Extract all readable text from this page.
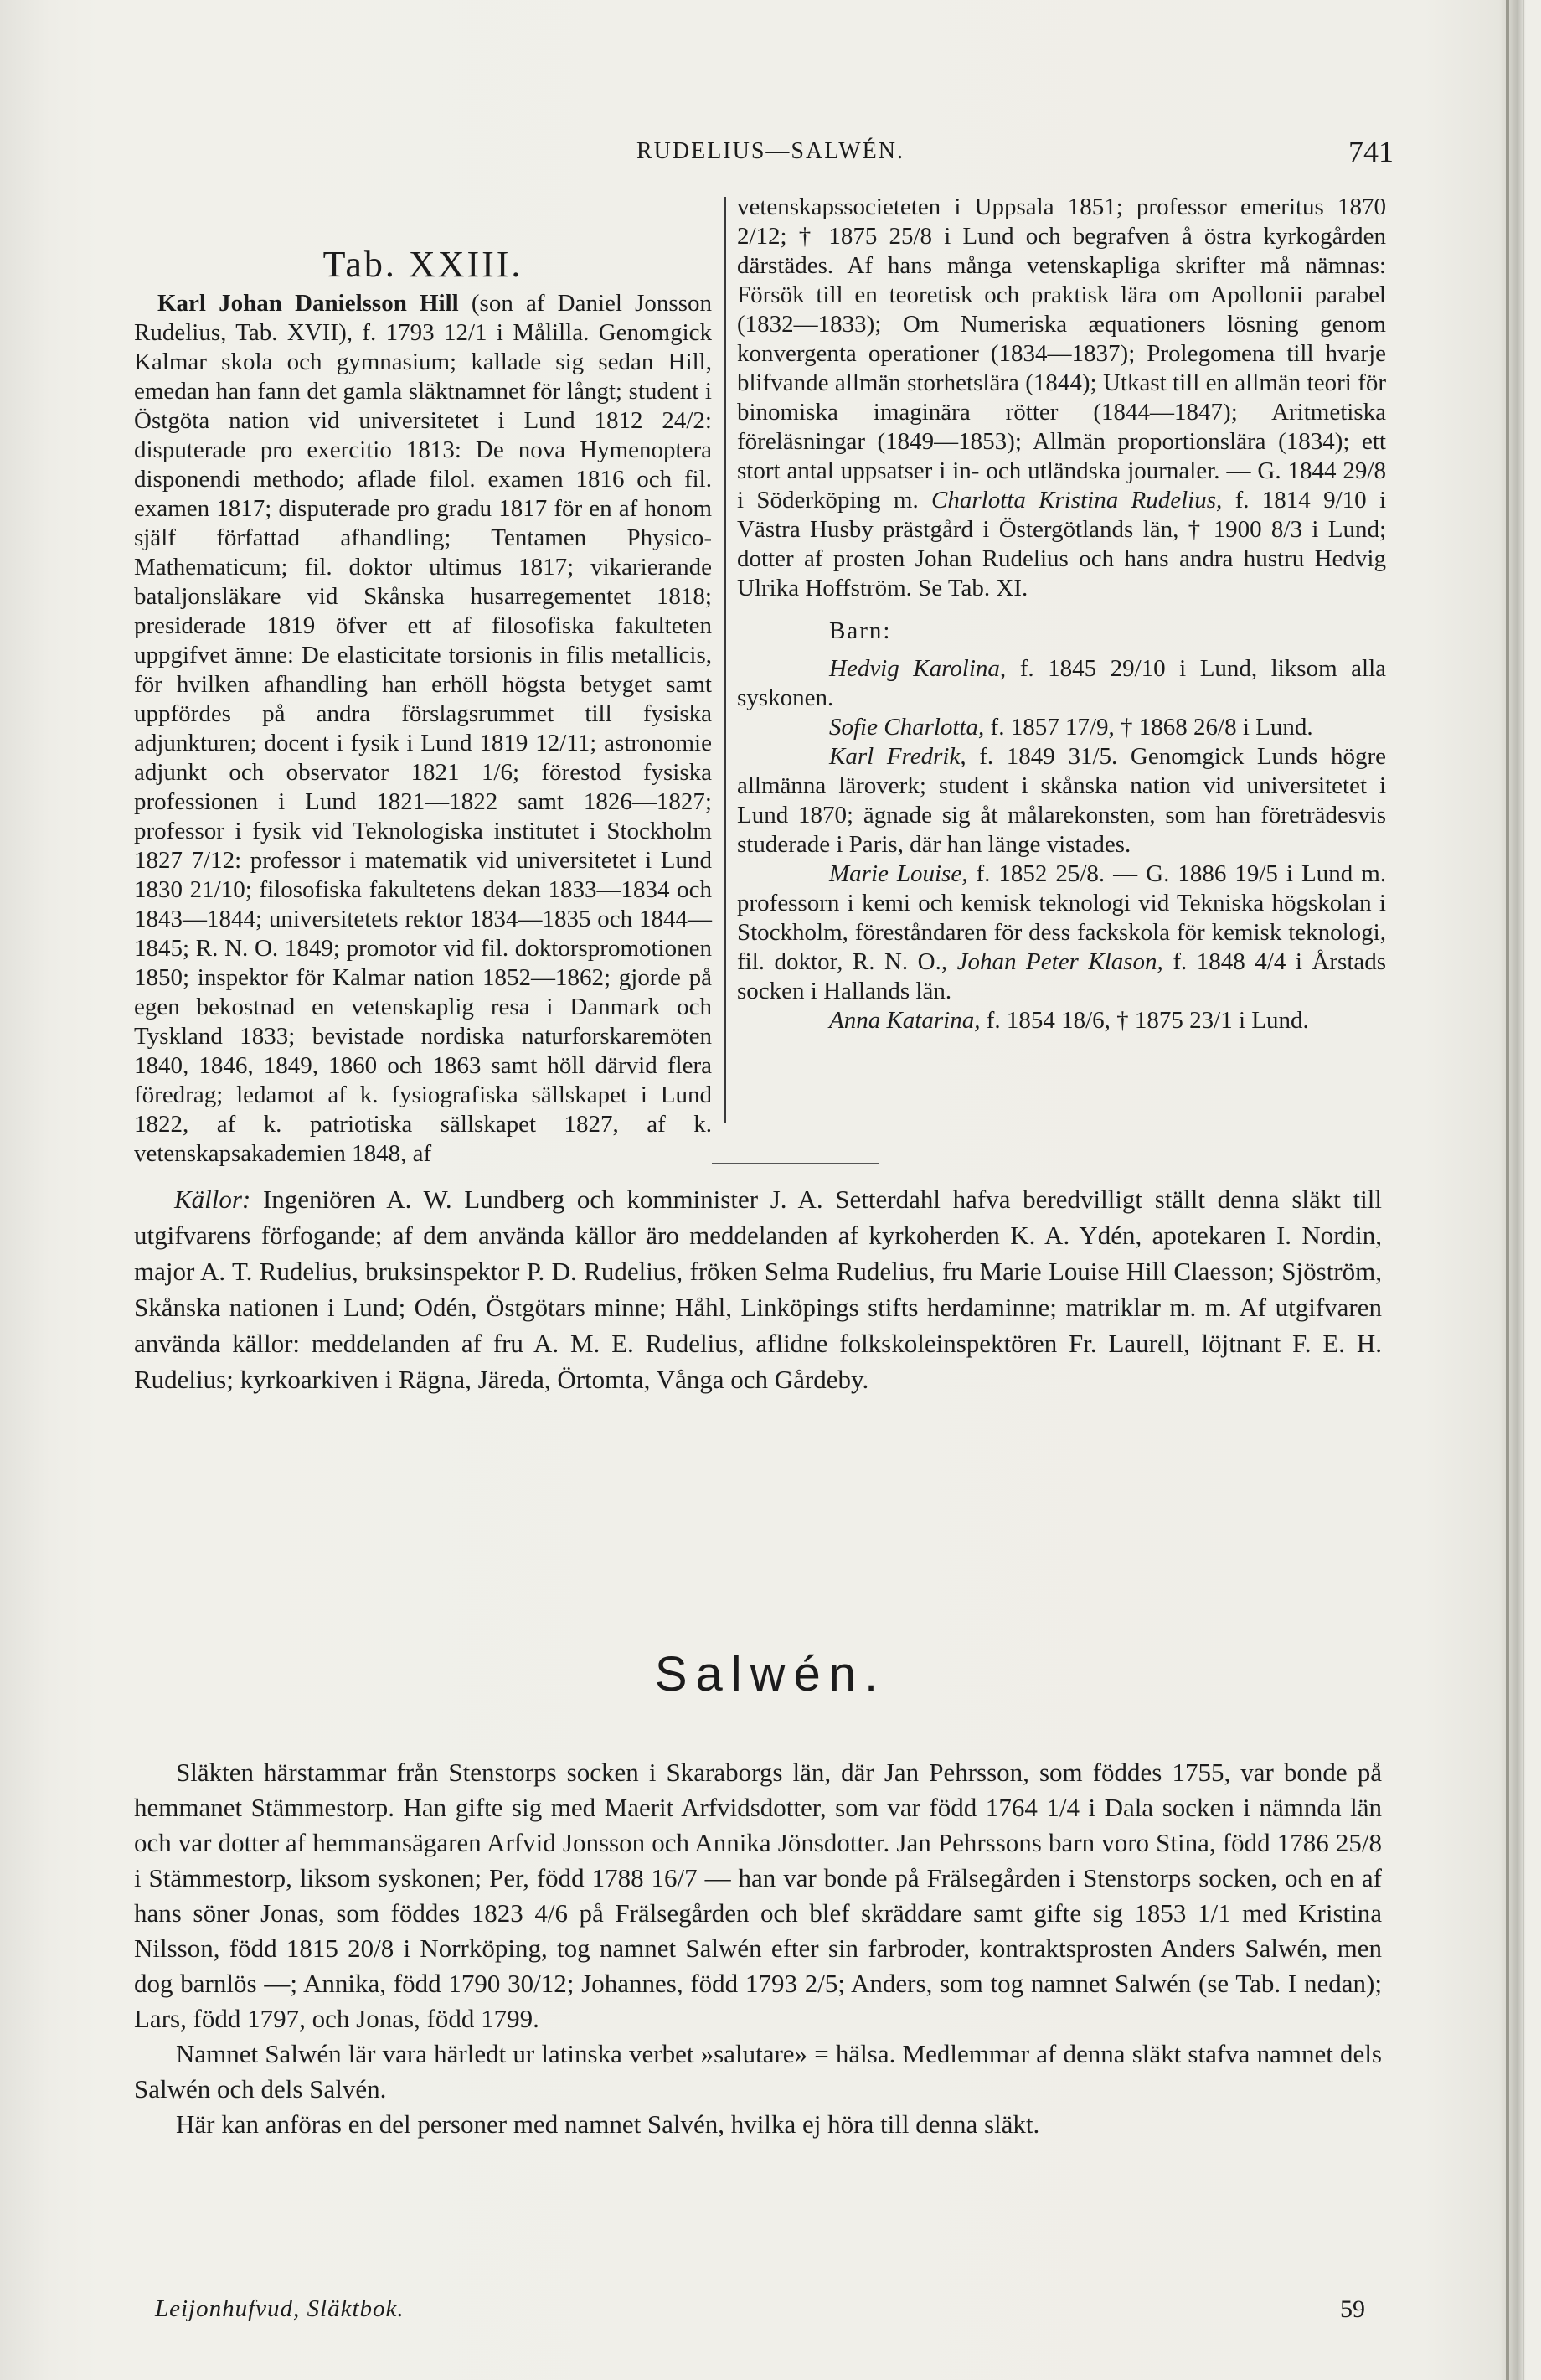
RUDELIUS—SALWÉN.	741
Tab. XXIII.

Karl Johan Danielsson Hill (son af Daniel Jonsson Rudelius, Tab. XVII), f. 1793 12/1 i Målilla. Genomgick Kalmar skola och gymnasium; kallade sig sedan Hill, emedan han fann det gamla släktnamnet för långt; student i Östgöta nation vid universitetet i Lund 1812 24/2: disputerade pro exercitio 1813: De nova Hymenoptera disponendi methodo; aflade filol. examen 1816 och fil. examen 1817; disputerade pro gradu 1817 för en af honom själf författad afhandling; Tentamen Physico-Mathematicum; fil. doktor ultimus 1817; vikarierande bataljonsläkare vid Skånska husarregementet 1818; presiderade 1819 öfver ett af filosofiska fakulteten uppgifvet ämne: De elasticitate torsionis in filis metallicis, för hvilken afhandling han erhöll högsta betyget samt uppfördes på andra förslagsrummet till fysiska adjunkturen; docent i fysik i Lund 1819 12/11; astronomie adjunkt och observator 1821 1/6; förestod fysiska professionen i Lund 1821—1822 samt 1826—1827; professor i fysik vid Teknologiska institutet i Stockholm 1827 7/12: professor i matematik vid universitetet i Lund 1830 21/10; filosofiska fakultetens dekan 1833—1834 och 1843—1844; universitetets rektor 1834—1835 och 1844—1845; R. N. O. 1849; promotor vid fil. doktorspromotionen 1850; inspektor för Kalmar nation 1852—1862; gjorde på egen bekostnad en vetenskaplig resa i Danmark och Tyskland 1833; bevistade nordiska naturforskaremöten 1840, 1846, 1849, 1860 och 1863 samt höll därvid flera föredrag; ledamot af k. fysiografiska sällskapet i Lund 1822, af k. patriotiska sällskapet 1827, af k. vetenskapsakademien 1848, af

vetenskapssocieteten i Uppsala 1851; professor emeritus 1870 2/12; † 1875 25/8 i Lund och begrafven å östra kyrkogården därstädes. Af hans många vetenskapliga skrifter må nämnas: Försök till en teoretisk och praktisk lära om Apollonii parabel (1832—1833); Om Numeriska æquationers lösning genom konvergenta operationer (1834—1837); Prolegomena till hvarje blifvande allmän storhetslära (1844); Utkast till en allmän teori för binomiska imaginära rötter (1844—1847); Aritmetiska föreläsningar (1849—1853); Allmän proportionslära (1834); ett stort antal uppsatser i in- och utländska journaler. — G. 1844 29/8 i Söderköping m. Charlotta Kristina Rudelius, f. 1814 9/10 i Västra Husby prästgård i Östergötlands län, † 1900 8/3 i Lund; dotter af prosten Johan Rudelius och hans andra hustru Hedvig Ulrika Hoffström. Se Tab. XI.

Barn:

Hedvig Karolina, f. 1845 29/10 i Lund, liksom alla syskonen.

Sofie Charlotta, f. 1857 17/9, † 1868 26/8 i Lund.

Karl Fredrik, f. 1849 31/5. Genomgick Lunds högre allmänna läroverk; student i skånska nation vid universitetet i Lund 1870; ägnade sig åt målarekonsten, som han företrädesvis studerade i Paris, där han länge vistades.

Marie Louise, f. 1852 25/8. — G. 1886 19/5 i Lund m. professorn i kemi och kemisk teknologi vid Tekniska högskolan i Stockholm, föreståndaren för dess fackskola för kemisk teknologi, fil. doktor, R. N. O., Johan Peter Klason, f. 1848 4/4 i Årstads socken i Hallands län.

Anna Katarina, f. 1854 18/6, † 1875 23/1 i Lund.

Källor: Ingeniören A. W. Lundberg och komminister J. A. Setterdahl hafva beredvilligt ställt denna släkt till utgifvarens förfogande; af dem använda källor äro meddelanden af kyrkoherden K. A. Ydén, apotekaren I. Nordin, major A. T. Rudelius, bruksinspektor P. D. Rudelius, fröken Selma Rudelius, fru Marie Louise Hill Claesson; Sjöström, Skånska nationen i Lund; Odén, Östgötars minne; Håhl, Linköpings stifts herdaminne; matriklar m. m. Af utgifvaren använda källor: meddelanden af fru A. M. E. Rudelius, aflidne folkskoleinspektören Fr. Laurell, löjtnant F. E. H. Rudelius; kyrkoarkiven i Rägna, Järeda, Örtomta, Vånga och Gårdeby.
Salwén.

Släkten härstammar från Stenstorps socken i Skaraborgs län, där Jan Pehrsson, som föddes 1755, var bonde på hemmanet Stämmestorp. Han gifte sig med Maerit Arfvidsdotter, som var född 1764 1/4 i Dala socken i nämnda län och var dotter af hemmansägaren Arfvid Jonsson och Annika Jönsdotter. Jan Pehrssons barn voro Stina, född 1786 25/8 i Stämmestorp, liksom syskonen; Per, född 1788 16/7 — han var bonde på Frälsegården i Stenstorps socken, och en af hans söner Jonas, som föddes 1823 4/6 på Frälsegården och blef skräddare samt gifte sig 1853 1/1 med Kristina Nilsson, född 1815 20/8 i Norrköping, tog namnet Salwén efter sin farbroder, kontraktsprosten Anders Salwén, men dog barnlös —; Annika, född 1790 30/12; Johannes, född 1793 2/5; Anders, som tog namnet Salwén (se Tab. I nedan); Lars, född 1797, och Jonas, född 1799.

Namnet Salwén lär vara härledt ur latinska verbet »salutare» = hälsa. Medlemmar af denna släkt stafva namnet dels Salwén och dels Salvén.

Här kan anföras en del personer med namnet Salvén, hvilka ej höra till denna släkt.

Leijonhufvud, Släktbok.	59
